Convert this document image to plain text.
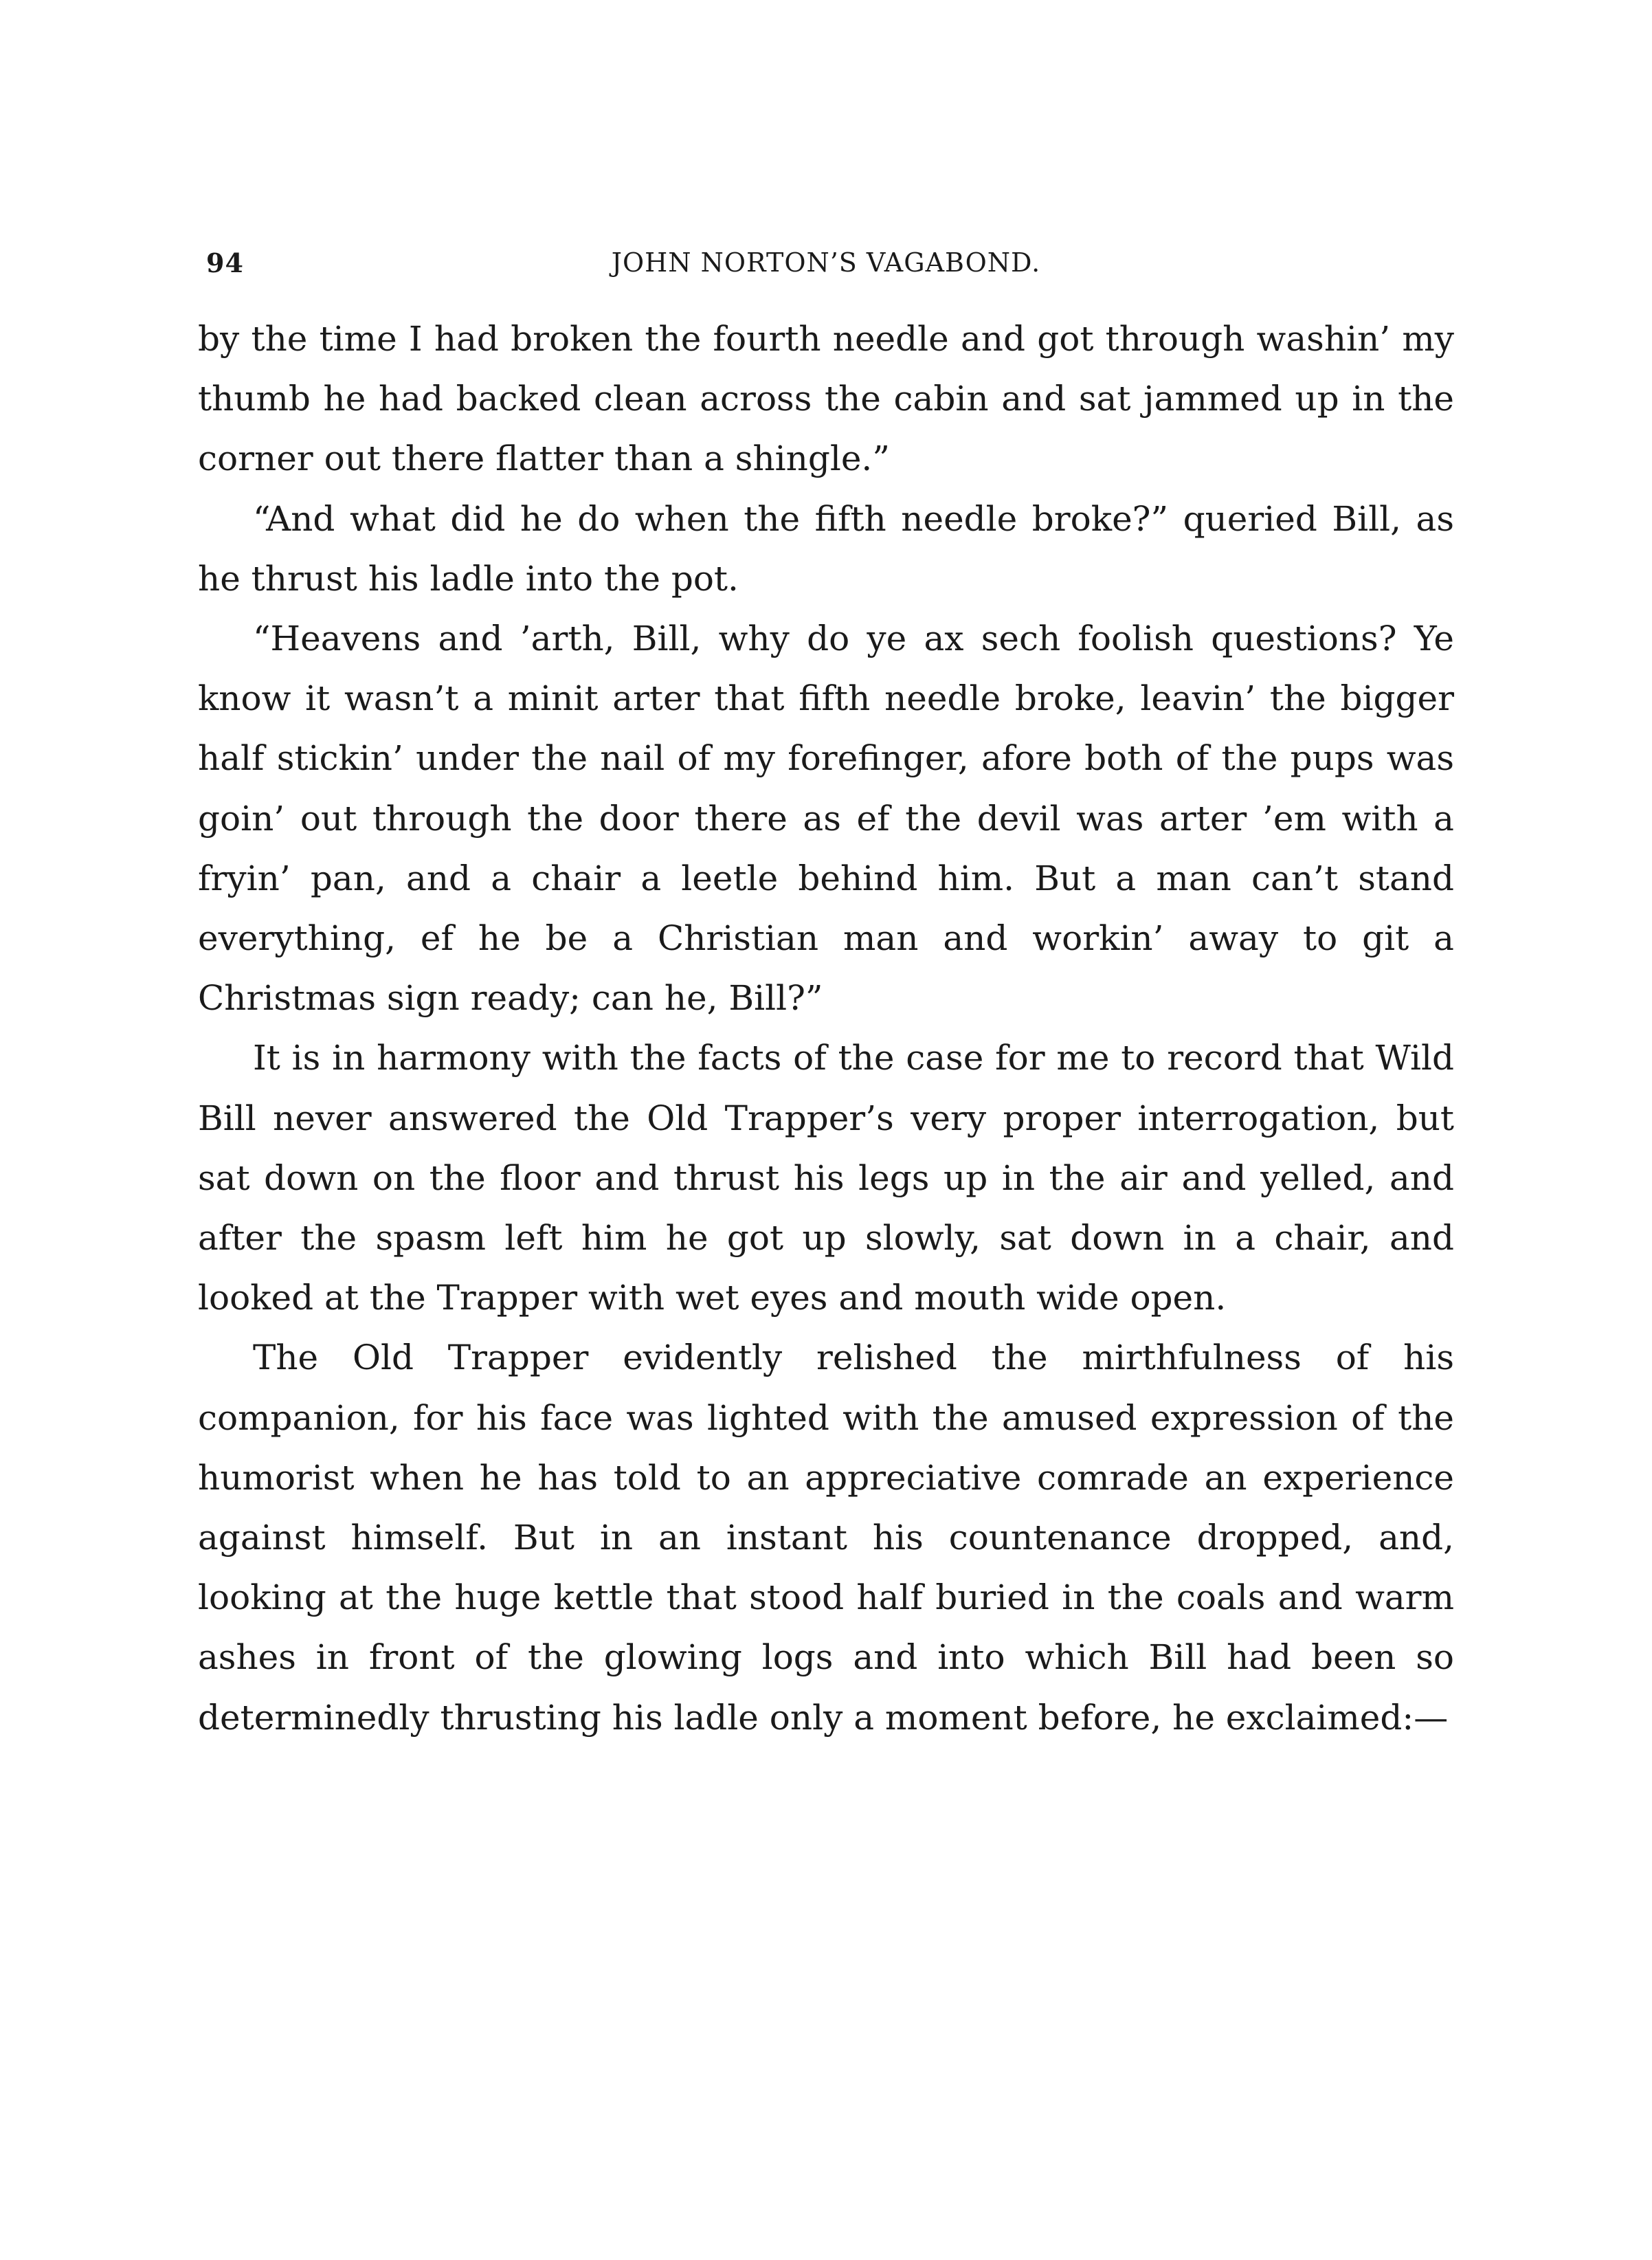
94	JOHN NORTON’S VAGABOND.

by the time I had broken the fourth needle and got through washin’ my thumb he had backed clean across the cabin and sat jammed up in the corner out there flatter than a shingle.”

“And what did he do when the fifth needle broke?” queried Bill, as he thrust his ladle into the pot.

“Heavens and ’arth, Bill, why do ye ax sech foolish questions? Ye know it wasn’t a minit arter that fifth needle broke, leavin’ the bigger half stickin’ under the nail of my forefinger, afore both of the pups was goin’ out through the door there as ef the devil was arter ’em with a fryin’ pan, and a chair a leetle behind him. But a man can’t stand everything, ef he be a Christian man and workin’ away to git a Christmas sign ready; can he, Bill?”

It is in harmony with the facts of the case for me to record that Wild Bill never answered the Old Trapper’s very proper interrogation, but sat down on the floor and thrust his legs up in the air and yelled, and after the spasm left him he got up slowly, sat down in a chair, and looked at the Trapper with wet eyes and mouth wide open.

The Old Trapper evidently relished the mirthfulness of his companion, for his face was lighted with the amused expression of the humorist when he has told to an appreciative comrade an experience against himself. But in an instant his countenance dropped, and, looking at the huge kettle that stood half buried in the coals and warm ashes in front of the glowing logs and into which Bill had been so determinedly thrusting his ladle only a moment before, he exclaimed:—
